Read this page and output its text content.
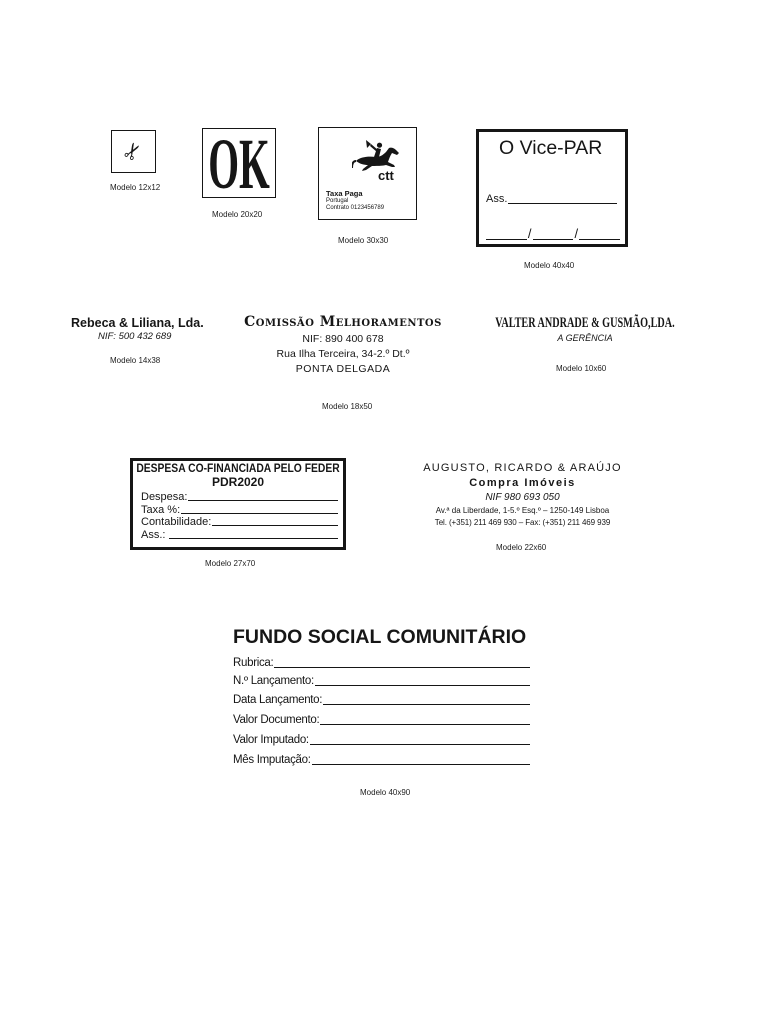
✂
Modelo 12x12 OK
Modelo 20x20
ctt
Taxa Paga
Portugal
Contrato 0123456789
Modelo 30x30
O Vice-PAR
Ass.
/	/
Modelo 40x40
Rebeca & Liliana, Lda.
NIF: 500 432 689
Modelo 14x38
Comissão Melhoramentos
NIF: 890 400 678
Rua Ilha Terceira, 34-2.º Dt.º
PONTA DELGADA
Modelo 18x50
VALTER ANDRADE & GUSMÃO,LDA.
A GERÊNCIA
Modelo 10x60
DESPESA CO-FINANCIADA PELO FEDER
PDR2020
Despesa:
Taxa %:
Contabilidade:
Ass.:
Modelo 27x70
AUGUSTO, RICARDO & ARAÚJO
Compra Imóveis
NIF 980 693 050
Av.ª da Liberdade, 1-5.º Esq.º – 1250-149 Lisboa
Tel. (+351) 211 469 930 – Fax: (+351) 211 469 939
Modelo 22x60
FUNDO SOCIAL COMUNITÁRIO
Rubrica:
N.º Lançamento:
Data Lançamento:
Valor Documento:
Valor Imputado:
Mês Imputação:
Modelo 40x90
